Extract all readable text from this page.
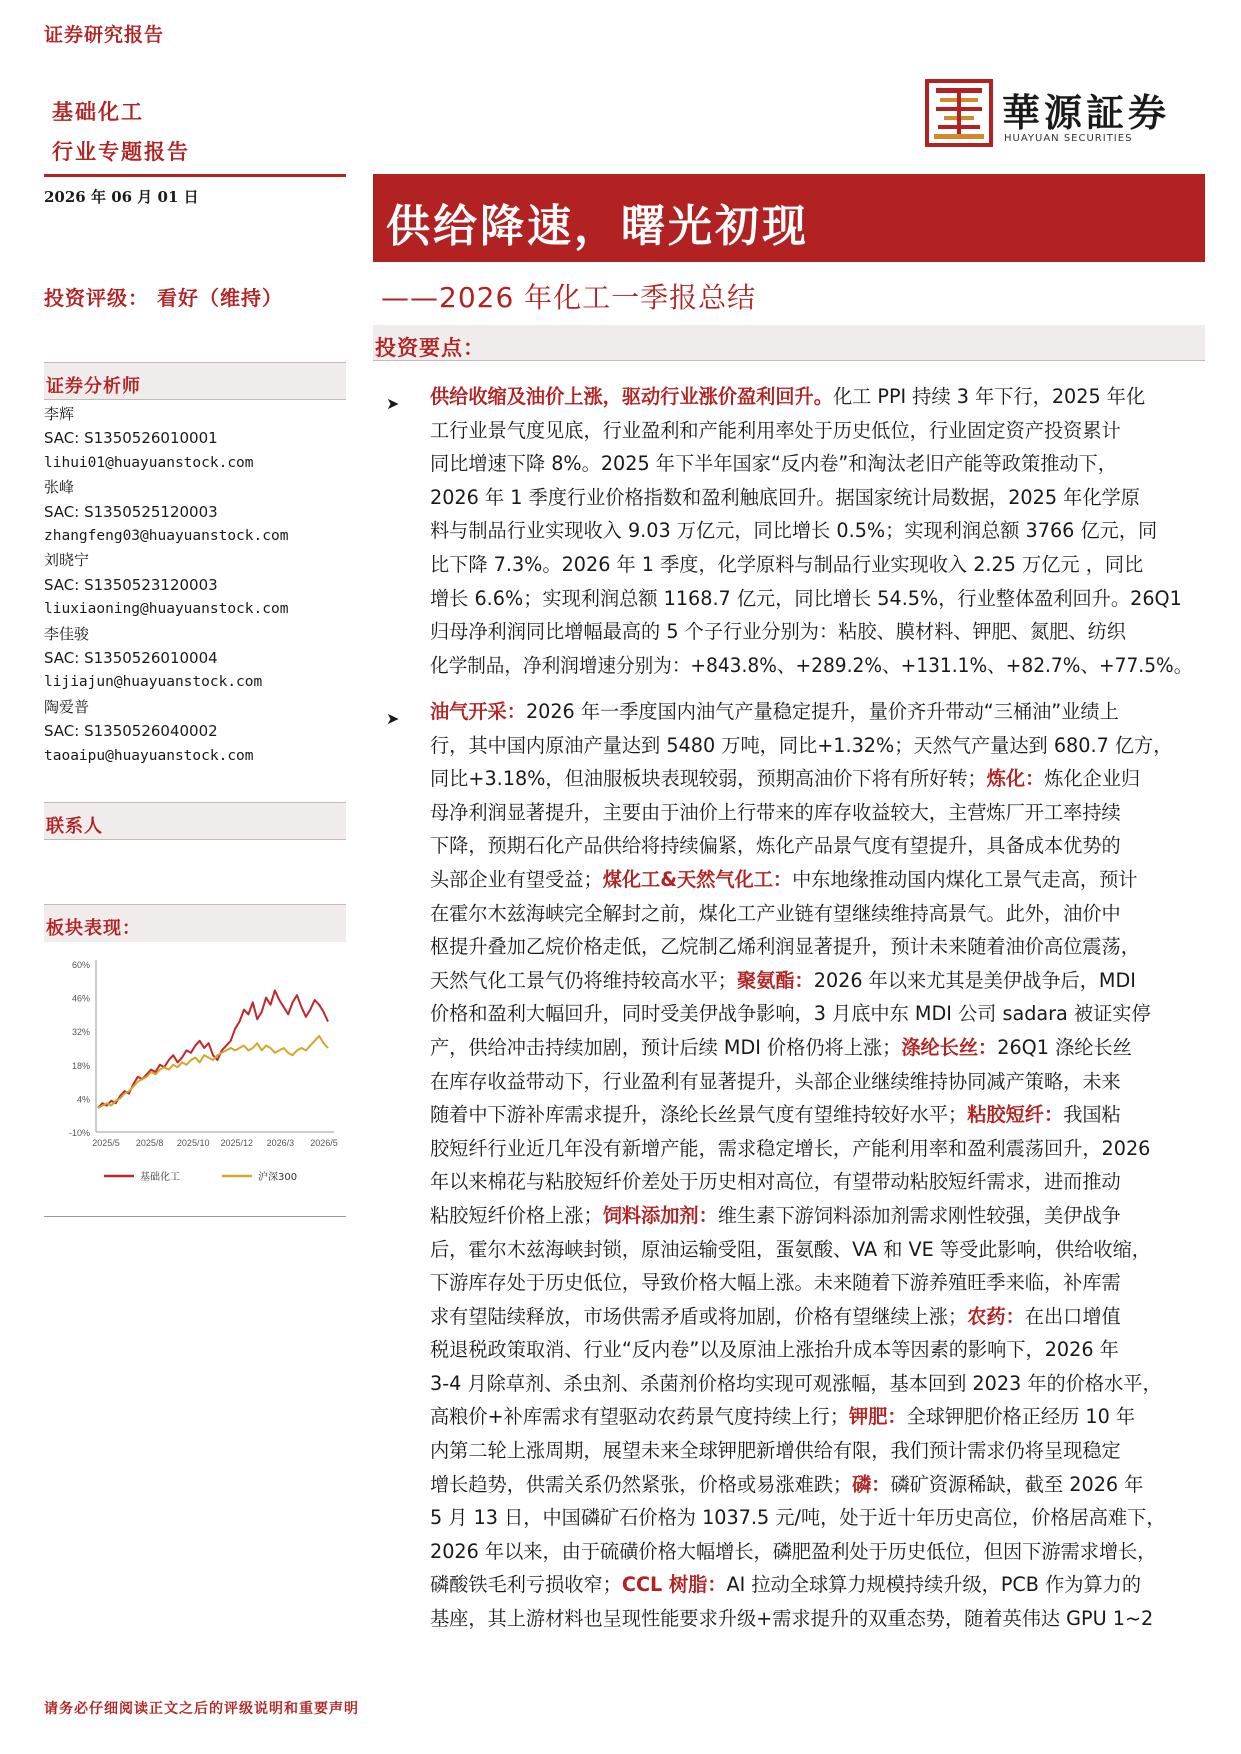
证券研究报告
基础化工
行业专题报告
2026 年 06 月 01 日
投资评级： 看好（维持）
華源証券
HUAYUAN SECURITIES
供给降速，曙光初现
——2026 年化工一季报总结
证券分析师
李辉
SAC: S1350526010001
lihui01@huayuanstock.com
张峰
SAC: S1350525120003
zhangfeng03@huayuanstock.com
刘晓宁
SAC: S1350523120003
liuxiaoning@huayuanstock.com
李佳骏
SAC: S1350526010004
lijiajun@huayuanstock.com
陶爱普
SAC: S1350526040002
taoaipu@huayuanstock.com
联系人
板块表现：
60%
46%
32%
18%
4%
-10%
2025/5 2025/8 2025/10 2025/12 2026/3 2026/5
基础化工	沪深300
投资要点：
➤ 供给收缩及油价上涨，驱动行业涨价盈利回升。化工 PPI 持续 3 年下行，2025 年化
工行业景气度见底，行业盈利和产能利用率处于历史低位，行业固定资产投资累计
同比增速下降 8%。2025 年下半年国家“反内卷”和淘汰老旧产能等政策推动下，
2026 年 1 季度行业价格指数和盈利触底回升。据国家统计局数据，2025 年化学原
料与制品行业实现收入 9.03 万亿元，同比增长 0.5%；实现利润总额 3766 亿元，同
比下降 7.3%。2026 年 1 季度，化学原料与制品行业实现收入 2.25 万亿元 ，同比
增长 6.6%；实现利润总额 1168.7 亿元，同比增长 54.5%，行业整体盈利回升。26Q1
归母净利润同比增幅最高的 5 个子行业分别为：粘胶、膜材料、钾肥、氮肥、纺织
化学制品，净利润增速分别为：+843.8%、+289.2%、+131.1%、+82.7%、+77.5%。
➤ 油气开采：2026 年一季度国内油气产量稳定提升，量价齐升带动“三桶油”业绩上
行，其中国内原油产量达到 5480 万吨，同比+1.32%；天然气产量达到 680.7 亿方，
同比+3.18%，但油服板块表现较弱，预期高油价下将有所好转；炼化：炼化企业归
母净利润显著提升，主要由于油价上行带来的库存收益较大，主营炼厂开工率持续
下降，预期石化产品供给将持续偏紧，炼化产品景气度有望提升，具备成本优势的
头部企业有望受益；煤化工&天然气化工：中东地缘推动国内煤化工景气走高，预计
在霍尔木兹海峡完全解封之前，煤化工产业链有望继续维持高景气。此外，油价中
枢提升叠加乙烷价格走低，乙烷制乙烯利润显著提升，预计未来随着油价高位震荡，
天然气化工景气仍将维持较高水平；聚氨酯：2026 年以来尤其是美伊战争后，MDI
价格和盈利大幅回升，同时受美伊战争影响，3 月底中东 MDI 公司 sadara 被证实停
产，供给冲击持续加剧，预计后续 MDI 价格仍将上涨；涤纶长丝：26Q1 涤纶长丝
在库存收益带动下，行业盈利有显著提升，头部企业继续维持协同减产策略，未来
随着中下游补库需求提升，涤纶长丝景气度有望维持较好水平；粘胶短纤：我国粘
胶短纤行业近几年没有新增产能，需求稳定增长，产能利用率和盈利震荡回升，2026
年以来棉花与粘胶短纤价差处于历史相对高位，有望带动粘胶短纤需求，进而推动
粘胶短纤价格上涨；饲料添加剂：维生素下游饲料添加剂需求刚性较强，美伊战争
后，霍尔木兹海峡封锁，原油运输受阻，蛋氨酸、VA 和 VE 等受此影响，供给收缩，
下游库存处于历史低位，导致价格大幅上涨。未来随着下游养殖旺季来临，补库需
求有望陆续释放，市场供需矛盾或将加剧，价格有望继续上涨；农药：在出口增值
税退税政策取消、行业“反内卷”以及原油上涨抬升成本等因素的影响下，2026 年
3-4 月除草剂、杀虫剂、杀菌剂价格均实现可观涨幅，基本回到 2023 年的价格水平，
高粮价+补库需求有望驱动农药景气度持续上行；钾肥：全球钾肥价格正经历 10 年
内第二轮上涨周期，展望未来全球钾肥新增供给有限，我们预计需求仍将呈现稳定
增长趋势，供需关系仍然紧张，价格或易涨难跌；磷：磷矿资源稀缺，截至 2026 年
5 月 13 日，中国磷矿石价格为 1037.5 元/吨，处于近十年历史高位，价格居高难下，
2026 年以来，由于硫磺价格大幅增长，磷肥盈利处于历史低位，但因下游需求增长，
磷酸铁毛利亏损收窄；CCL 树脂：AI 拉动全球算力规模持续升级，PCB 作为算力的
基座，其上游材料也呈现性能要求升级+需求提升的双重态势，随着英伟达 GPU 1~2
请务必仔细阅读正文之后的评级说明和重要声明
